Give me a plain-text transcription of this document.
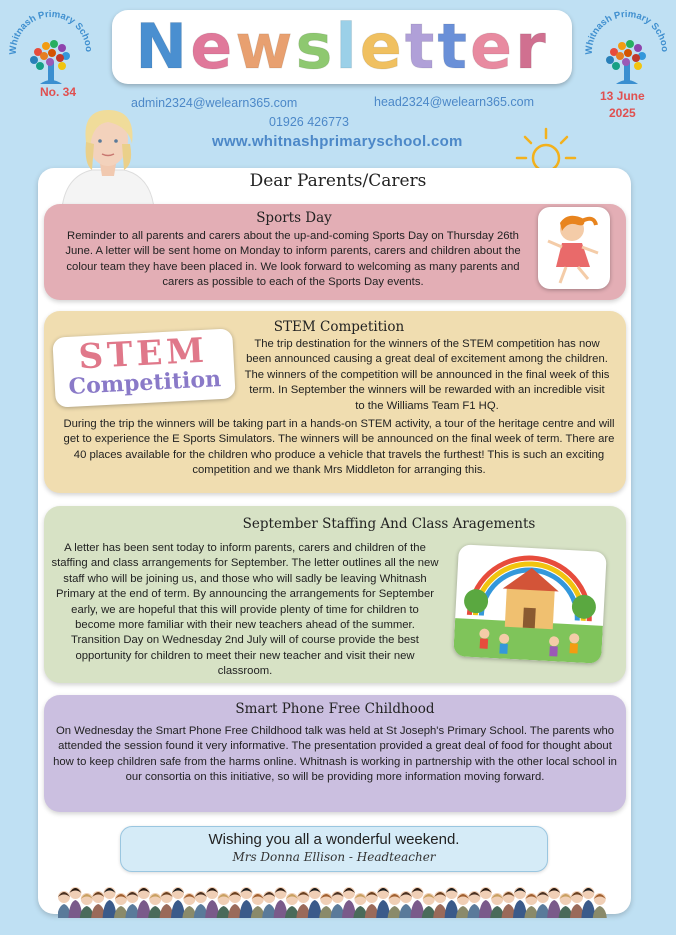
Whitnash Primary Schoo	Whitnash Primary Schoo
No. 34	13 June
2025
Newsletter
admin2324@welearn365.com	head2324@welearn365.com
01926 426773
www.whitnashprimaryschool.com
Dear Parents/Carers
Sports Day
Reminder to all parents and carers about the up-and-coming Sports Day on Thursday 26th June. A letter will be sent home on Monday to inform parents, carers and children about the colour team they have been placed in. We look forward to welcoming as many parents and carers as possible to each of the Sports Day events.
STEM Competition
STEM
Competition
The trip destination for the winners of the STEM competition has now been announced causing a great deal of excitement among the children. The winners of the competition will be announced in the final week of this term. In September the winners will be rewarded with an incredible visit to the Williams Team F1 HQ.
During the trip the winners will be taking part in a hands-on STEM activity, a tour of the heritage centre and will get to experience the E Sports Simulators. The winners will be announced on the final week of term. There are 40 places available for the children who produce a vehicle that travels the furthest! This is such an exciting competition and we thank Mrs Middleton for arranging this.
September Staffing And Class Aragements
A letter has been sent today to inform parents, carers and children of the staffing and class arrangements for September. The letter outlines all the new staff who will be joining us, and those who will sadly be leaving Whitnash Primary at the end of term. By announcing the arrangements for September early, we are hopeful that this will provide plenty of time for children to become more familiar with their new teachers ahead of the summer. Transition Day on Wednesday 2nd July will of course provide the best opportunity for children to meet their new teacher and visit their new classroom.
Smart Phone Free Childhood
On Wednesday the Smart Phone Free Childhood talk was held at St Joseph's Primary School. The parents who attended the session found it very informative. The presentation provided a great deal of food for thought about how to keep children safe from the harms online. Whitnash is working in partnership with the other local school in our consortia on this initiative, so will be providing more information moving forward.
Wishing you all a wonderful weekend.
Mrs Donna Ellison - Headteacher
